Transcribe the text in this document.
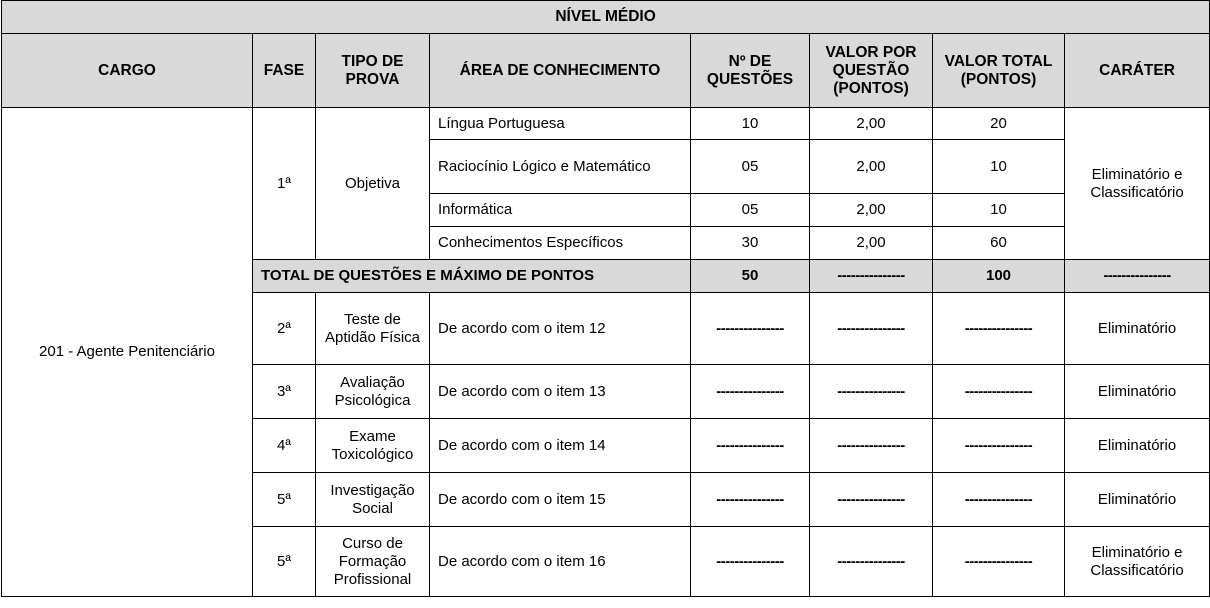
NÍVEL MÉDIO							
CARGO	FASE	TIPO DE PROVA	ÁREA DE CONHECIMENTO	Nº DE QUESTÕES	VALOR POR QUESTÃO (PONTOS)	VALOR TOTAL (PONTOS)	CARÁTER
201 - Agente Penitenciário	1ª	Objetiva	Língua Portuguesa	10	2,00	20	Eliminatório e Classificatório
			Raciocínio Lógico e Matemático	05	2,00	10	
			Informática	05	2,00	10	
			Conhecimentos Específicos	30	2,00	60	
	TOTAL DE QUESTÕES E MÁXIMO DE PONTOS			50	---------------	100	---------------
	2ª	Teste de Aptidão Física	De acordo com o item 12	---------------	---------------	---------------	Eliminatório
	3ª	Avaliação Psicológica	De acordo com o item 13	---------------	---------------	---------------	Eliminatório
	4ª	Exame Toxicológico	De acordo com o item 14	---------------	---------------	---------------	Eliminatório
	5ª	Investigação Social	De acordo com o item 15	---------------	---------------	---------------	Eliminatório
	5ª	Curso de Formação Profissional	De acordo com o item 16	---------------	---------------	---------------	Eliminatório e Classificatório
